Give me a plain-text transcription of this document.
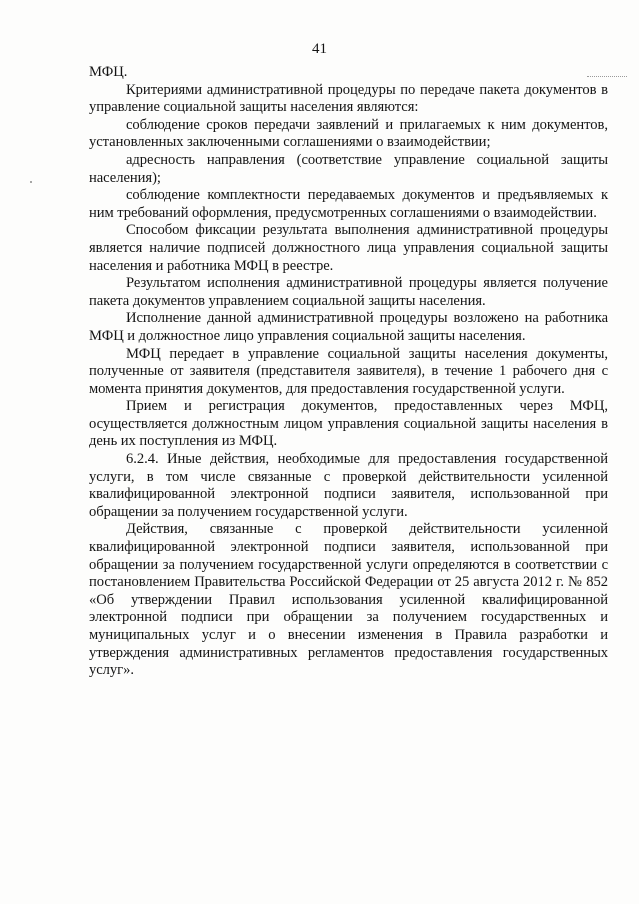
41

МФЦ.

Критериями административной процедуры по передаче пакета документов в управление социальной защиты населения являются:

соблюдение сроков передачи заявлений и прилагаемых к ним документов, установленных заключенными соглашениями о взаимодействии;

адресность направления (соответствие управление социальной защиты населения);

соблюдение комплектности передаваемых документов и предъявляемых к ним требований оформления, предусмотренных соглашениями о взаимодействии.

Способом фиксации результата выполнения административной процедуры является наличие подписей должностного лица управления социальной защиты населения и работника МФЦ в реестре.

Результатом исполнения административной процедуры является получение пакета документов управлением социальной защиты населения.

Исполнение данной административной процедуры возложено на работника МФЦ и должностное лицо управления социальной защиты населения.

МФЦ передает в управление социальной защиты населения документы, полученные от заявителя (представителя заявителя), в течение 1 рабочего дня с момента принятия документов, для предоставления государственной услуги.

Прием и регистрация документов, предоставленных через МФЦ, осуществляется должностным лицом управления социальной защиты населения в день их поступления из МФЦ.

6.2.4. Иные действия, необходимые для предоставления государственной услуги, в том числе связанные с проверкой действительности усиленной квалифицированной электронной подписи заявителя, использованной при обращении за получением государственной услуги.

Действия, связанные с проверкой действительности усиленной квалифицированной электронной подписи заявителя, использованной при обращении за получением государственной услуги определяются в соответствии с постановлением Правительства Российской Федерации от 25 августа 2012 г. № 852 «Об утверждении Правил использования усиленной квалифицированной электронной подписи при обращении за получением государственных и муниципальных услуг и о внесении изменения в Правила разработки и утверждения административных регламентов предоставления государственных услуг».
